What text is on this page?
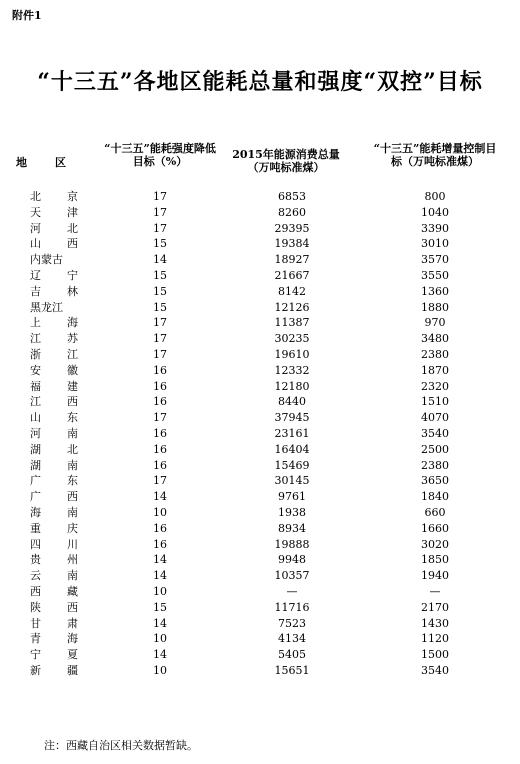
附件1
“十三五”各地区能耗总量和强度“双控”目标
地区
“十三五”能耗强度降低目标（%）
2015年能源消费总量（万吨标准煤）
“十三五”能耗增量控制目标（万吨标准煤）
北 京	17	6853	800
天 津	17	8260	1040
河 北	17	29395	3390
山 西	15	19384	3010
内蒙古	14	18927	3570
辽 宁	15	21667	3550
吉 林	15	8142	1360
黑龙江	15	12126	1880
上 海	17	11387	970
江 苏	17	30235	3480
浙 江	17	19610	2380
安 徽	16	12332	1870
福 建	16	12180	2320
江 西	16	8440	1510
山 东	17	37945	4070
河 南	16	23161	3540
湖 北	16	16404	2500
湖 南	16	15469	2380
广 东	17	30145	3650
广 西	14	9761	1840
海 南	10	1938	660
重 庆	16	8934	1660
四 川	16	19888	3020
贵 州	14	9948	1850
云 南	14	10357	1940
西 藏	10	—	—
陕 西	15	11716	2170
甘 肃	14	7523	1430
青 海	10	4134	1120
宁 夏	14	5405	1500
新 疆	10	15651	3540
注：西藏自治区相关数据暂缺。
